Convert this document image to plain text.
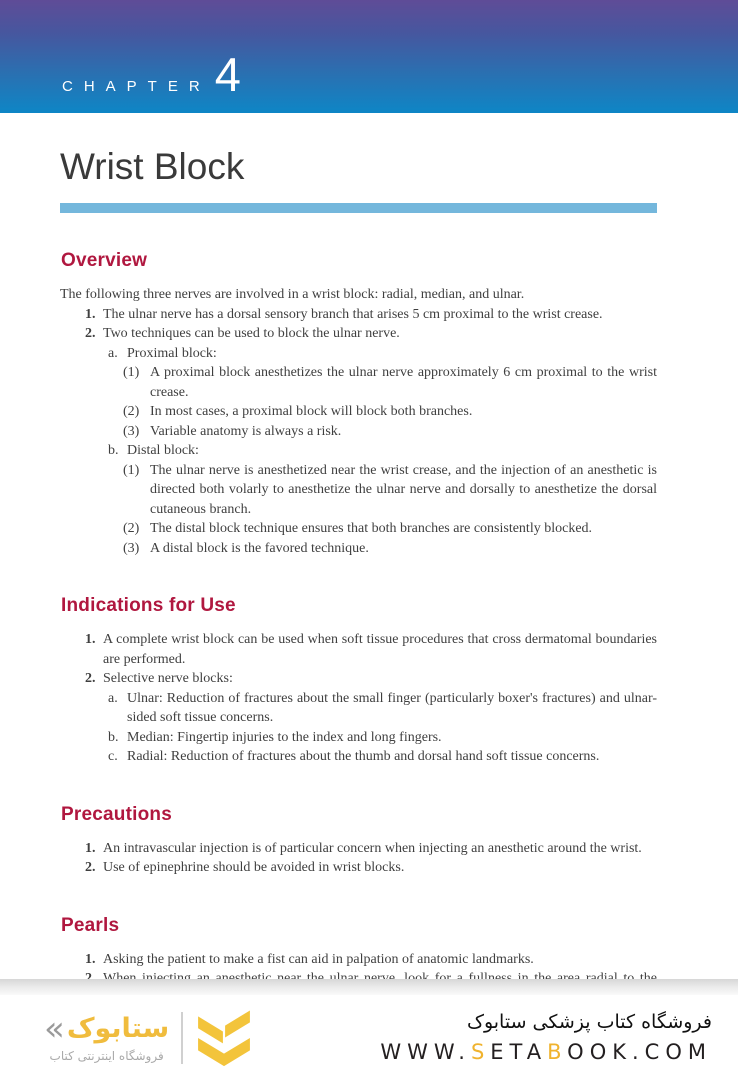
CHAPTER 4
Wrist Block
Overview

The following three nerves are involved in a wrist block: radial, median, and ulnar.

1. The ulnar nerve has a dorsal sensory branch that arises 5 cm proximal to the wrist crease.
2. Two techniques can be used to block the ulnar nerve.
a. Proximal block:
(1) A proximal block anesthetizes the ulnar nerve approximately 6 cm proximal to the wrist crease.
(2) In most cases, a proximal block will block both branches.
(3) Variable anatomy is always a risk.
b. Distal block:
(1) The ulnar nerve is anesthetized near the wrist crease, and the injection of an anesthetic is directed both volarly to anesthetize the ulnar nerve and dorsally to anesthetize the dorsal cutaneous branch.
(2) The distal block technique ensures that both branches are consistently blocked.
(3) A distal block is the favored technique.
Indications for Use
1. A complete wrist block can be used when soft tissue procedures that cross dermatomal boundaries are performed.
2. Selective nerve blocks:
a. Ulnar: Reduction of fractures about the small finger (particularly boxer's fractures) and ulnar-sided soft tissue concerns.
b. Median: Fingertip injuries to the index and long fingers.
c. Radial: Reduction of fractures about the thumb and dorsal hand soft tissue concerns.
Precautions
1. An intravascular injection is of particular concern when injecting an anesthetic around the wrist.
2. Use of epinephrine should be avoided in wrist blocks.
Pearls
1. Asking the patient to make a fist can aid in palpation of anatomic landmarks.
« ستابوک
فروشگاه اینترنتی کتاب
فروشگاه کتاب پزشکی ستابوک
WWW.SETABOOK.COM
